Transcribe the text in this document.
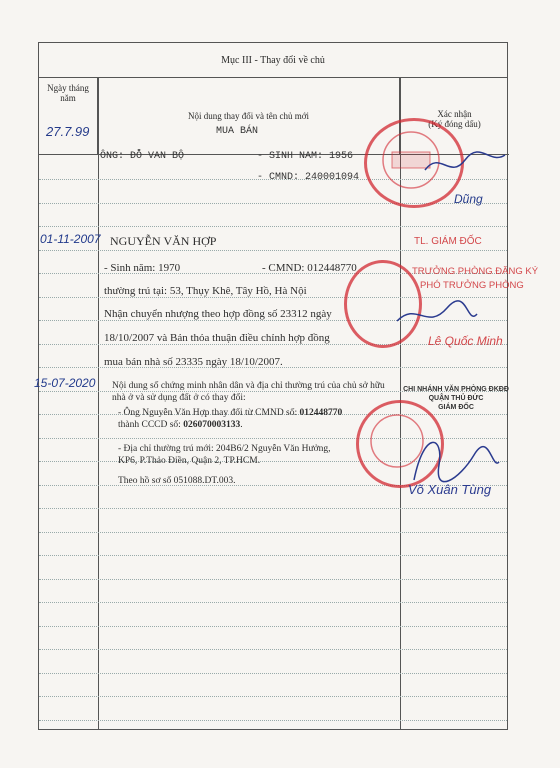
Mục III - Thay đổi về chủ
Ngày tháng năm
Nội dung thay đổi và tên chủ mới	Xác nhận
(Ký đóng dấu)
27.7.99	MUA BÁN
ÔNG: ĐỖ VAN BỘ	- SINH NAM: 1956
- CMND: 240001094
Dũng
01-11-2007 NGUYỄN VĂN HỢP
- Sinh năm: 1970	- CMND: 012448770
thường trú tại: 53, Thụy Khê, Tây Hồ, Hà Nội
Nhận chuyển nhượng theo hợp đồng số 23312 ngày
18/10/2007 và Bản thỏa thuận điều chỉnh hợp đồng
mua bán nhà số 23335 ngày 18/10/2007.
TL. GIÁM ĐỐC
TRƯỞNG PHÒNG ĐĂNG KÝ
PHÓ TRƯỞNG PHÒNG
Lê Quốc Minh
15-07-2020 Nội dung số chứng minh nhân dân và địa chỉ thường trú của chủ sở hữu nhà ở và sử dụng đất ở có thay đổi:
- Ông Nguyễn Văn Hợp thay đổi từ CMND số: 012448770
thành CCCD số: 026070003133.
- Địa chỉ thường trú mới: 204B6/2 Nguyễn Văn Hưởng,
KP6, P.Thảo Điền, Quận 2, TP.HCM.
Theo hồ sơ số 051088.DT.003.
CHI NHÁNH VĂN PHÒNG ĐKĐĐ
QUẬN THỦ ĐỨC
GIÁM ĐỐC
Võ Xuân Tùng
